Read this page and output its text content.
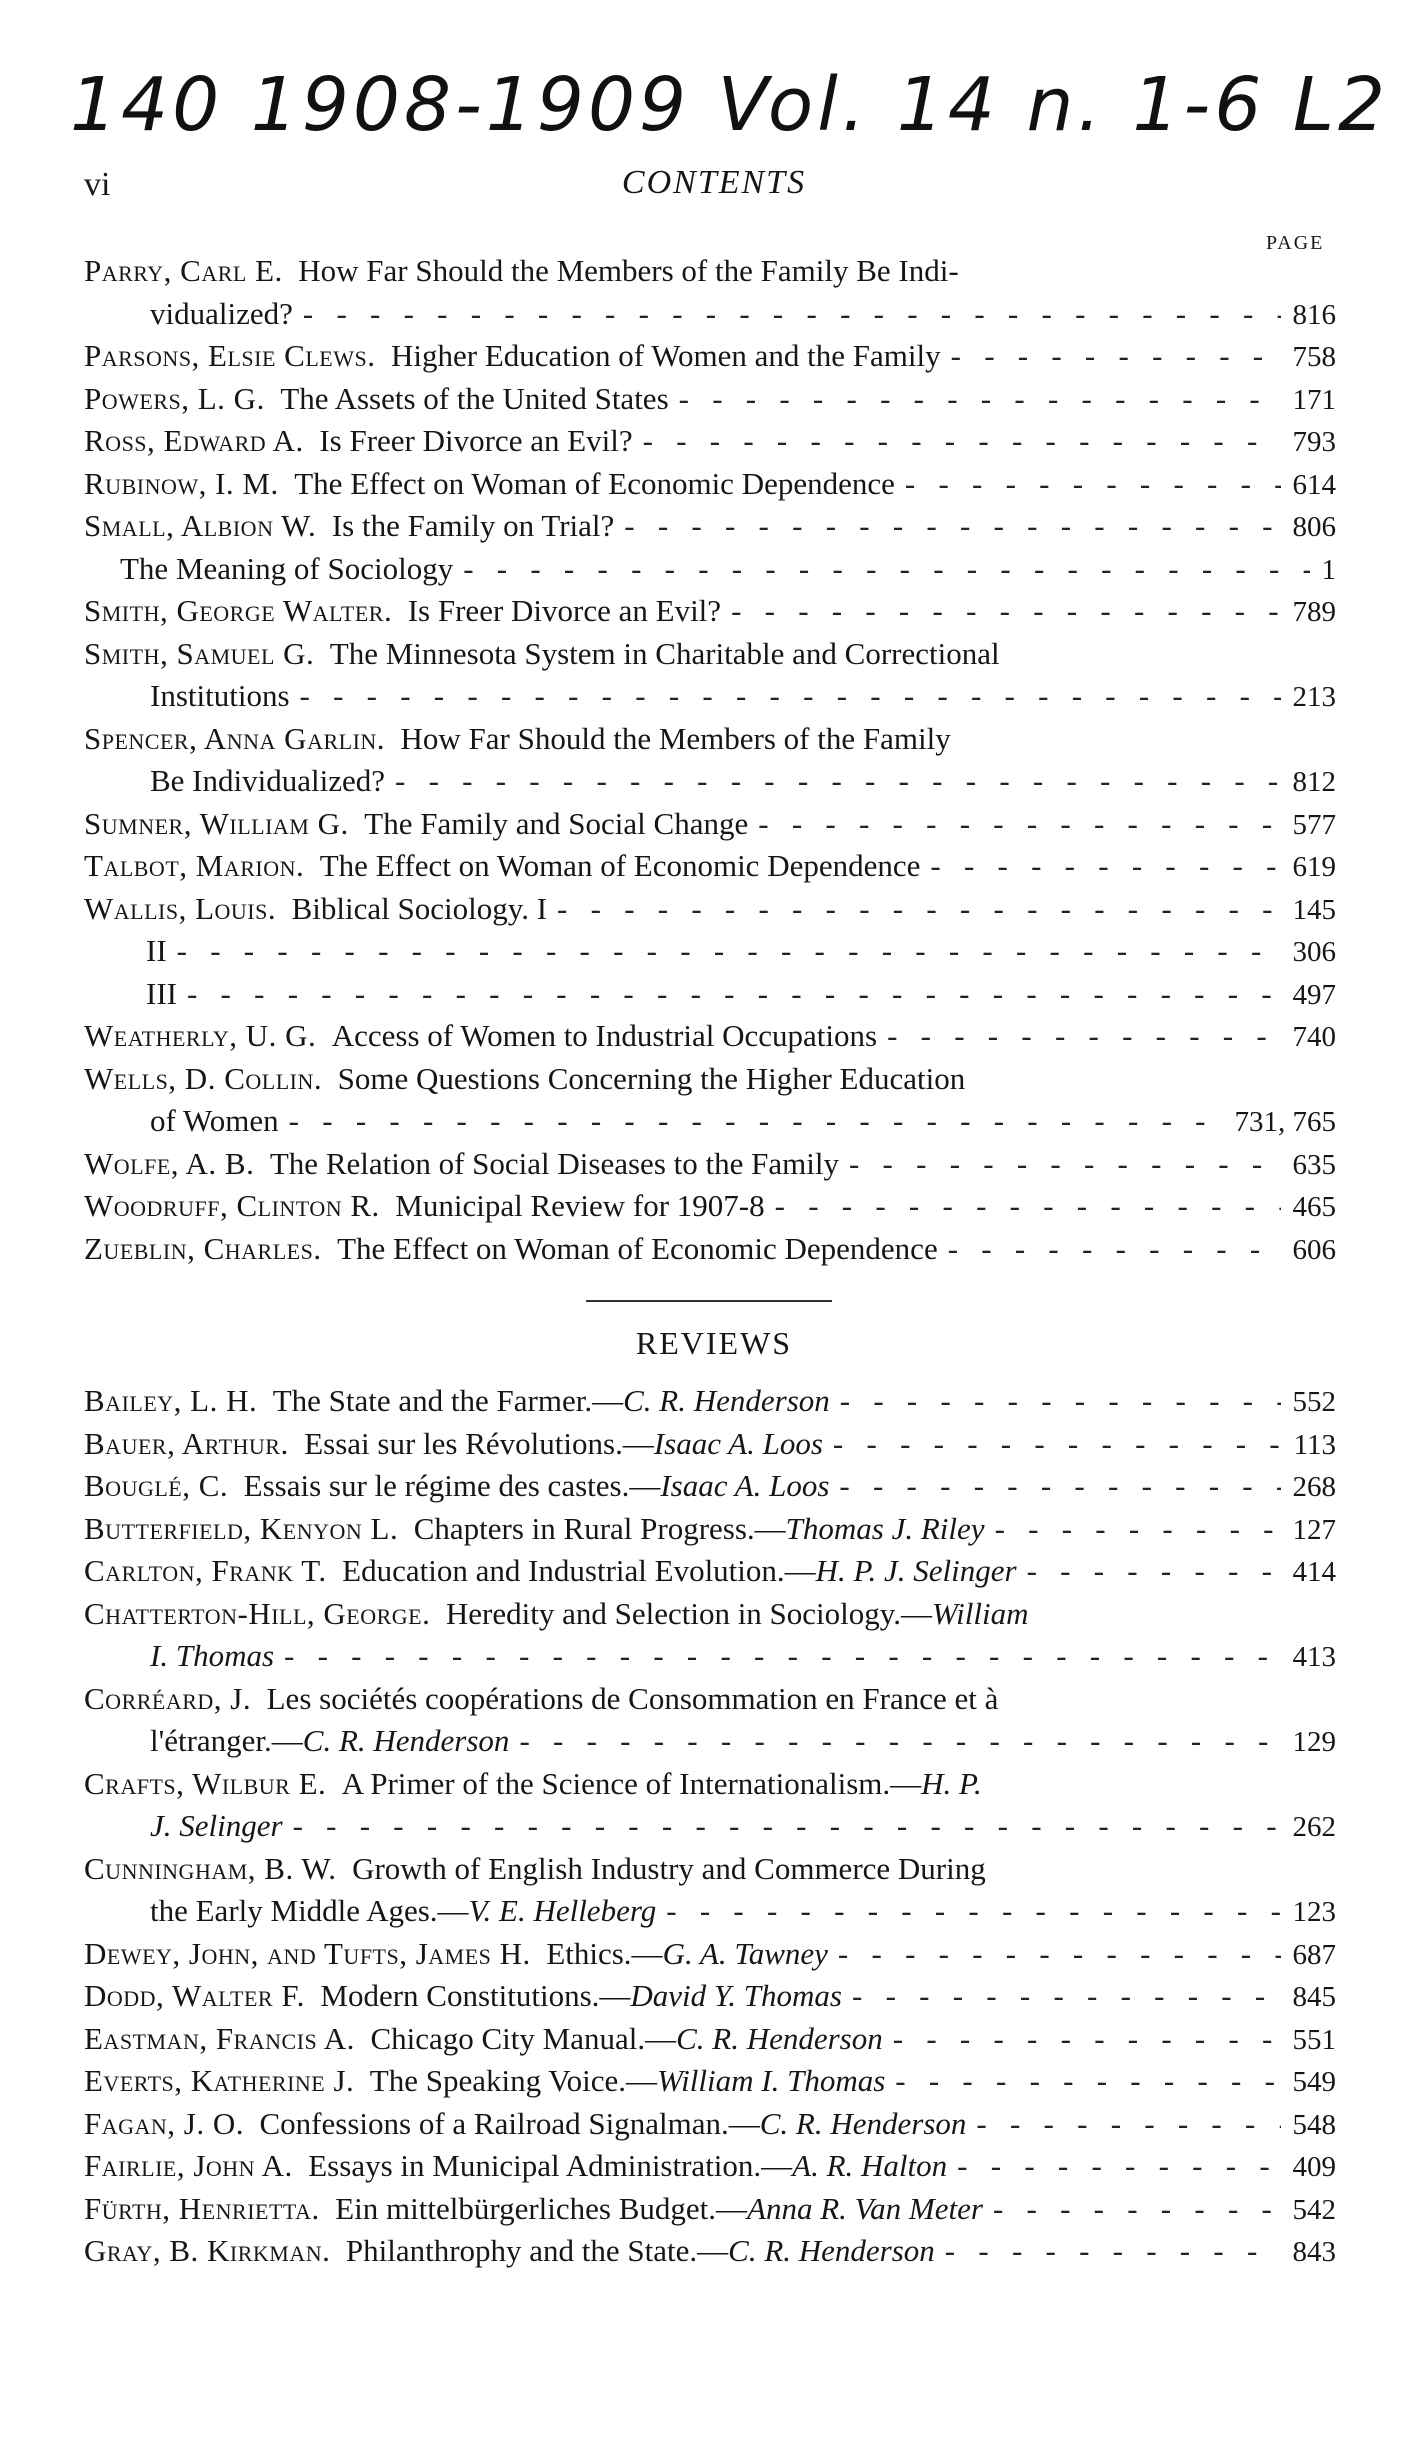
140 1908-1909 Vol. 14 n. 1-6 L2
vi	CONTENTS
PAGE
Parry, Carl E.
How Far Should the Members of the Family Be Indi-
vidualized? - -	816
Parsons, Elsie Clews.
Higher Education of Women and the Family - -	758
Powers, L. G.
The Assets of the United States - -	171
Ross, Edward A.
Is Freer Divorce an Evil? - -	793
Rubinow, I. M.
The Effect on Woman of Economic Dependence - -	614
Small, Albion W.
Is the Family on Trial? - -	806
The Meaning of Sociology - -	1
Smith, George Walter.
Is Freer Divorce an Evil? - -	789
Smith, Samuel G.
The Minnesota System in Charitable and Correctional
Institutions - -	213
Spencer, Anna Garlin.
How Far Should the Members of the Family
Be Individualized? - -	812
Sumner, William G.
The Family and Social Change - -	577
Talbot, Marion.
The Effect on Woman of Economic Dependence - -	619
Wallis, Louis.
Biblical Sociology. I - -	145
II - -	306
III - -	497
Weatherly, U. G.
Access of Women to Industrial Occupations - -	740
Wells, D. Collin.
Some Questions Concerning the Higher Education
of Women - -	731, 765
Wolfe, A. B.
The Relation of Social Diseases to the Family - -	635
Woodruff, Clinton R.
Municipal Review for 1907-8 - -	465
Zueblin, Charles.
The Effect on Woman of Economic Dependence - -	606
REVIEWS
Bailey, L. H.
The State and the Farmer.— C. R. Henderson - -	552
Bauer, Arthur.
Essai sur les Révolutions.— Isaac A. Loos - -	113
Bouglé, C.
Essais sur le régime des castes.— Isaac A. Loos - -	268
Butterfield, Kenyon L.
Chapters in Rural Progress.— Thomas J. Riley - -	127
Carlton, Frank T.
Education and Industrial Evolution.— H. P. J. Selinger - -	414
Chatterton-Hill, George.
Heredity and Selection in Sociology.— William
I. Thomas - -	413
Corréard, J.
Les sociétés coopérations de Consommation en France et à
l'étranger.— C. R. Henderson - -	129
Crafts, Wilbur E.
A Primer of the Science of Internationalism.— H. P.
J. Selinger - -	262
Cunningham, B. W.
Growth of English Industry and Commerce During
the Early Middle Ages.— V. E. Helleberg - -	123
Dewey, John, and Tufts, James H.
Ethics.— G. A. Tawney - -	687
Dodd, Walter F.
Modern Constitutions.— David Y. Thomas - -	845
Eastman, Francis A.
Chicago City Manual.— C. R. Henderson - -	551
Everts, Katherine J.
The Speaking Voice.— William I. Thomas - -	549
Fagan, J. O.
Confessions of a Railroad Signalman.— C. R. Henderson - -	548
Fairlie, John A.
Essays in Municipal Administration.— A. R. Halton - -	409
Fürth, Henrietta.
Ein mittelbürgerliches Budget.— Anna R. Van Meter - -	542
Gray, B. Kirkman.
Philanthrophy and the State.— C. R. Henderson - -	843
